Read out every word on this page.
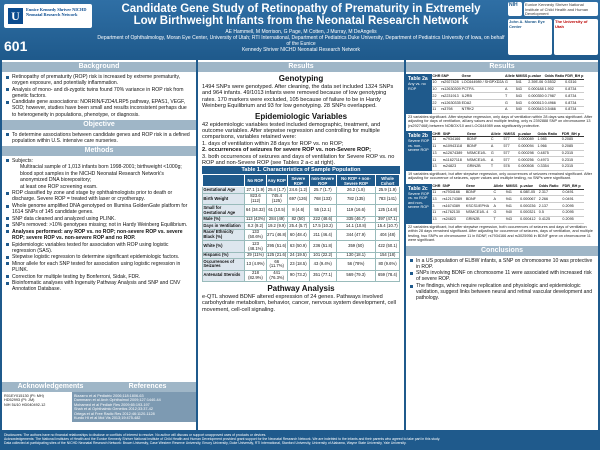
U	Eunice Kennedy Shriver NICHD Neonatal Research Network
601
Candidate Gene Study of Retinopathy of Prematurity in Extremely
Low Birthweight Infants from the Neonatal Research Network
AE Hammell, M Morrison, G Page, M Cotten, J Murray, M DeAngelis
Department of Ophthalmology, Moran Eye Center, University of Utah; RTI International, Department of Pediatrics Duke University, Department of Pediatrics University of Iowa, on behalf of the Eunice
Kennedy Shriver NICHD Neonatal Research Network
NIH	Eunice Kennedy Shriver National Institute of Child Health and Human Development
John A. Moran Eye Center
The University of Utah
Background
Retinopathy of prematurity (ROP) risk is increased by extreme prematurity, oxygen exposure, and potentially inflammation.
Analysis of mono- and di-zygotic twins found 70% variance in ROP risk from genetic factors.
Candidate gene associations: NORRIN/FZD4/LRP5 pathway, EPAS1, VEGF, SOD; however, studies have been small and results inconsistent perhaps due to heterogeneity in populations, phenotype, or diagnosis.
Objective
To determine associations between candidate genes and ROP risk in a defined population within U.S. intensive care nurseries.
Methods
Subjects:
Multiracial sample of 1,013 infants born 1998-2001; birthweight <1000g;
blood spot samples in the NICHD Neonatal Research Network's anonymized DNA biorepository;
at least one ROP screening exam.
ROP classified by zone and stage by ophthalmologists prior to death or discharge. Severe ROP = treated with laser or cryotherapy.
Whole genome amplified DNA genotyped on Illumina GoldenGate platform for 1614 SNPs of 145 candidate genes.
SNP data cleaned and analyzed using PLINK.
SNPs removed: >10% genotypes missing; not in Hardy Weinberg Equilibrium.
Analyses performed: any ROP vs. no ROP; non-severe ROP vs. severe ROP; severe ROP vs. non-severe ROP and no ROP.
Epidemiologic variables tested for association with ROP using logistic regression (SAS).
Stepwise logistic regression to determine significant epidemiologic factors.
Minor allele for each SNP tested for association using logistic regression in PLINK.
Correction for multiple testing by Bonferroni, Sidak, FDR.
Bioinformatic analyses with Ingenuity Pathway Analysis and SNP and CNV Annotation Database.
Acknowledgements	References
R01EY015130 (PI: MH)
HD52993 (PI: JM)
NIH 5U10 HD040492-12
Bizzarro et al Pediatric 2006;118:1806-63
Dammann et al Arch Ophthalmol 2009;127:1440-44
Mohamed et al Pediatr Res 2009;65:193-197
Shah et al Ophthalmic Genetics 2012;33:37-42
Ortega et al Free Radic Res 2012;46:1120-1128
Kurdo HI et al Mol Vis 2013;19:475-482
Results
Genotyping

1494 SNPs were genotyped. After cleaning, the data set included 1324 SNPs and 964 infants. 49/1013 infants were removed because of low genotyping rates. 170 markers were excluded, 105 because of failure to be in Hardy Weinberg Equilibrium and 93 for low genotyping. 28 SNPs overlapped.

Epidemiologic Variables

42 epidemiologic variables tested included demographic, treatment, and outcome variables. After stepwise regression and controlling for multiple comparisons, variables retained were:

1. days of ventilation within 28 days for ROP vs. no ROP;

2. occurrences of seizures for severe ROP vs. non-Severe ROP;

3. both occurrences of seizures and days of ventilation for Severe ROP vs. no ROP and non-Severe ROP (see Tables 2 a-c at right).

Table 1. Characteristics of Sample Population
	No ROP	Any ROP	Severe ROP	non-Severe ROP	No ROP + non-Severe ROP	Whole Cohort
Gestational Age	27.1 (1.9)	25.4 (1.7)	24.6 (1.2)	25.7 (1.7)	26.2 (1.8)	25.9 (1.9)
Birth Weight	823.6 (112)	745.4 (125)	697 (126)	768 (133)	782 (135)	783 (141)
Small for Gestational Age	64 (34.32)	61 (10.5)	8 (4.6)	55 (12.1)	119 (16.6)	125 (14.8)
Male (%)	113 (43%)	284 (49)	82 (50)	222 (48.6)	335 (46.7)	397 (47.1)
Days in Ventilation	8.2 (9.2)	19.2 (9.9)	25.4 (5.7)	17.5 (10.2)	14.1 (10.8)	15.4 (10.7)
Race/ Ethnicity Black (%)	133 (50.6%)	271 (46.8)	60 (48.4)	211 (46.4)	344 (47.9)	404 (48)
White (%)	123 (48.1%)	295 (51.6)	63 (50.9)	236 (51.8)	359 (50)	422 (50.1)
Hispanic (%)	29 (11%)	125 (21.6)	24 (19.5)	101 (22.2)	130 (18.1)	154 (18)
Occurrences of Seizures	13 (4.9%)	66 (11.7%)	23 (18.5)	43 (9.4%)	56 (78%)	80 (9.6%)
Antenatal Steroids	218 (82.9%)	441 (76.3%)	90 (73.2)	351 (77.1)	569 (79.3)	659 (78.4)
Pathway Analysis

e-QTL showed BDNF altered expression of 24 genes. Pathways involved carbohydrate metabolism, behavior, cancer, nervous system development, cell movement, cell-cell signaling.

Results
Table 2a
Any vs. no ROP
CHR	SNP	Gene	Allele	NMISS	p-value	Odds Ratio	FDR_BH p
10	rs2927428	LOC644989 / SH3PXD2A	G	541	2.39E-06	0.5532	0.0316
10	rs12630309	PCTP/L	A	543	0.000188	1.902	0.8734
22	rs2231913	IL2RB	T	543	0.000350	0.7987	0.8734
22	rs12630335	EDA2	G	543	0.000513	0.4966	0.8734
11	rs3798	NTRK2	A	540	0.000543	0.5466	0.8734
23 variables significant. After stepwise regression, only days of ventilation within 28 days was significant. After adjusting for days of ventilation, all/any values and multiple testing, only rs 2392888 SNP on chromosome 13 (rs2927468) between NOBOX/10 and LOC644989 was significantly protective.
Table 2b
Severe ROP vs. non-severe ROP
CHR	SNP	Gene	Allele	NMISS	p-value	Odds Ratio	FDR_BH p
11	rs7934166	BDNF	C	577	0.000089	1.985	0.2085
11	rs10943118	BDNF	A	577	0.000094	1.966	0.2085
13	rs12674389	NSMCE1/IL	G	577	0.000298	0.4875	0.2315
11	rs11627118	NSMCE1/IL	A	577	0.000256	0.4973	0.2315
13	rs24823	GRIN2B	T	578	0.000508	0.3354	0.2315
19 variables significant, but after stepwise regression, only occurrences of seizures remained significant. After adjusting for occurrence of seizures, upper values and multiple testing, no SNPs were significant.
Table 2c
Severe ROP vs. no ROP and non-severe ROP
CHR	SNP	Gene	Allele	NMISS	p-value	Odds Ratio	FDR_BH p
11	rs7934166	BDNF	C	941	6.08E-05	2.317	0.0491
13	rs12174389	BDNF	A	941	0.000067	2.266	0.0491
3	rs1674389	KSCS1/EPHA	A	941	0.000236	2.137	0.2095
11	rs1762130	NSMCE1/IL 4	G	940	0.000321	0.5	0.2095
13	rs24823	GRIN2B	T	943	0.000412	0.4125	0.2095
22 variables significant, but after stepwise regression, both occurrences of seizures and days of ventilation within 28 days remained significant. After adjusting for occurrence of seizures, days of ventilation, and multiple testing, two SNPs on chromosome 11 in BDNF, rs7934166 and rs3025956 in BDNF gene on chromosome 11 were significant.
Conclusions
In a US population of ELBW infants, a SNP on chromosome 10 was protective in ROP.
SNPs involving BDNF on chromosome 11 were associated with increased risk of severe ROP.
The findings, which require replication and physiologic and epidemiologic validation, suggest links between neural and retinal vascular development and pathology.
Disclosures: The authors have no financial relationships to disclose or conflicts of interest to resolve. No author will discuss or support unapproved uses of products or devices.
Acknowledgements: The National Institutes of Health and the Eunice Kennedy Shriver National Institute of Child Health and Human Development provided grant support for the Neonatal Research Network. We are indebted to the infants and their parents who agreed to take part in this study.
Data collected at participating sites of the NICHD Neonatal Research Network: Brown University, Case Western Reserve University, Emory University, Duke University, RTI International, Stanford University, University of Alabama, Wayne State University, Yale University.
